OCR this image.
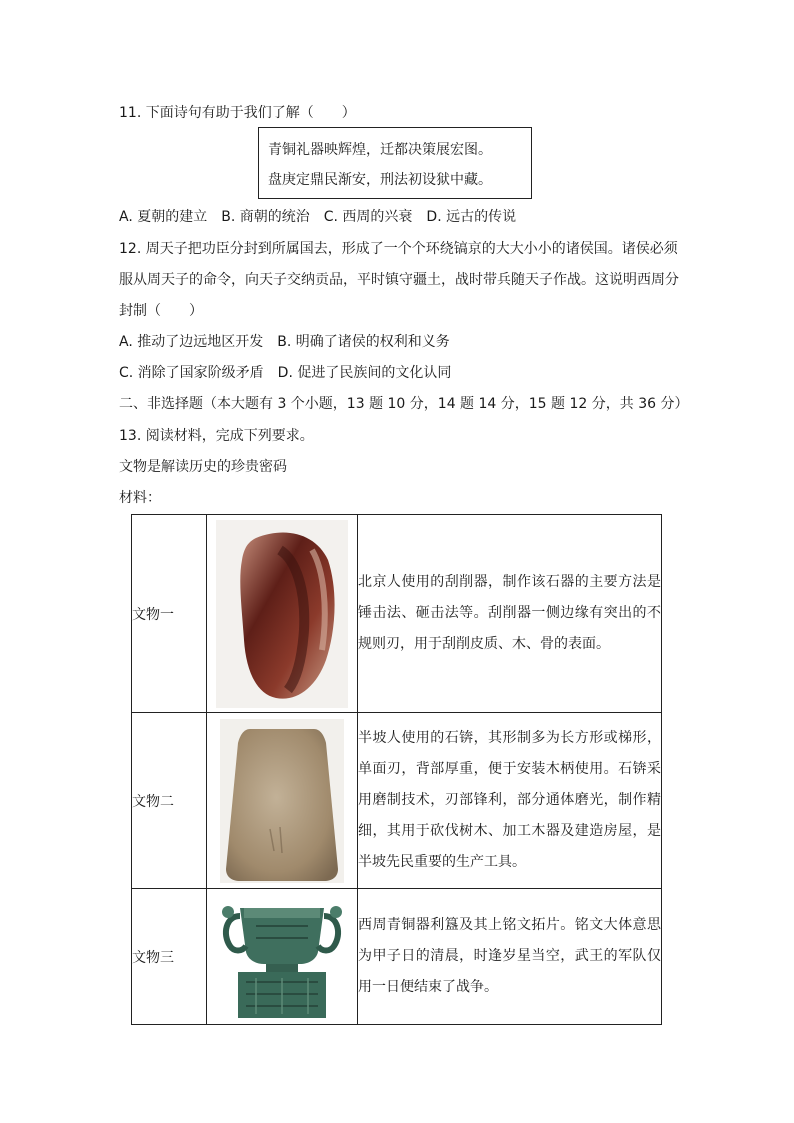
11. 下面诗句有助于我们了解（　　）
青铜礼器映辉煌，迁都决策展宏图。
盘庚定鼎民渐安，刑法初设狱中藏。
A. 夏朝的建立　B. 商朝的统治　C. 西周的兴衰　D. 远古的传说
12. 周天子把功臣分封到所属国去，形成了一个个环绕镐京的大大小小的诸侯国。诸侯必须
服从周天子的命令，向天子交纳贡品，平时镇守疆土，战时带兵随天子作战。这说明西周分
封制（　　）
A. 推动了边远地区开发　B. 明确了诸侯的权利和义务
C. 消除了国家阶级矛盾　D. 促进了民族间的文化认同
二、非选择题（本大题有 3 个小题，13 题 10 分，14 题 14 分，15 题 12 分，共 36 分）
13. 阅读材料，完成下列要求。
文物是解读历史的珍贵密码
材料：
文物一		北京人使用的刮削器，制作该石器的主要方法是锤击法、砸击法等。刮削器一侧边缘有突出的不规则刃，用于刮削皮质、木、骨的表面。
文物二		半坡人使用的石锛，其形制多为长方形或梯形，单面刃，背部厚重，便于安装木柄使用。石锛采用磨制技术，刃部锋利，部分通体磨光，制作精细，其用于砍伐树木、加工木器及建造房屋，是半坡先民重要的生产工具。
文物三		西周青铜器利簋及其上铭文拓片。铭文大体意思为甲子日的清晨，时逢岁星当空，武王的军队仅用一日便结束了战争。
